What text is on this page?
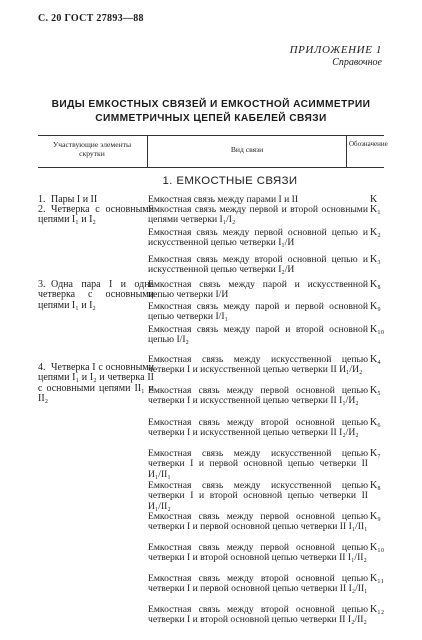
С. 20 ГОСТ 27893—88
ПРИЛОЖЕНИЕ 1
Справочное
ВИДЫ ЕМКОСТНЫХ СВЯЗЕЙ И ЕМКОСТНОЙ АСИММЕТРИИ
СИММЕТРИЧНЫХ ЦЕПЕЙ КАБЕЛЕЙ СВЯЗИ
Участвующие элементы скрутки	Вид связи
Обозначение
1. ЕМКОСТНЫЕ СВЯЗИ
1. Пары I и II
2. Четверка с основными цепями I₁ и I₂
3. Одна пара I и одна четверка с основными цепями I₁ и I₂
4. Четверка I с основными цепями I₁ и I₂ и четверка II с основными цепями II₁ и II₂
Емкостная связь между парами I и II
Емкостная связь между первой и второй основными цепями четверки I₁/I₂
Емкостная связь между первой основной цепью и искусственной цепью четверки I₁/И
Емкостная связь между второй основной цепью и искусственной цепью четверки I₂/И
Емкостная связь между парой и искусственной цепью четверки I/И
Емкостная связь между парой и первой основной цепью четверки I/I₁
Емкостная связь между парой и второй основной цепью I/I₂
Емкостная связь между искусственной цепью четверки I и искусственной цепью четверки II И₁/И₂
Емкостная связь между первой основной цепью четверки I и искусственной цепью четверки II I₁/И₂
Емкостная связь между второй основной цепью четверки I и искусственной цепью четверки II I₂/И₂
Емкостная связь между искусственной цепью четверки I и первой основной цепью четверки II И₁/II₁
Емкостная связь между искусственной цепью четверки I и второй основной цепью четверки II И₁/II₂
Емкостная связь между первой основной цепью четверки I и первой основной цепью четверки II I₁/II₁
Емкостная связь между первой основной цепью четверки I и второй основной цепью четверки II I₁/II₂
Емкостная связь между второй основной цепью четверки I и первой основной цепью четверки II I₂/II₁
Емкостная связь между второй основной цепью четверки I и второй основной цепью четверки II I₂/II₂
K
K₁
K₂
K₃
K₈
K₉
K₁₀
K₄
K₅
K₆
K₇
K₈
K₉
K₁₀
K₁₁
K₁₂
